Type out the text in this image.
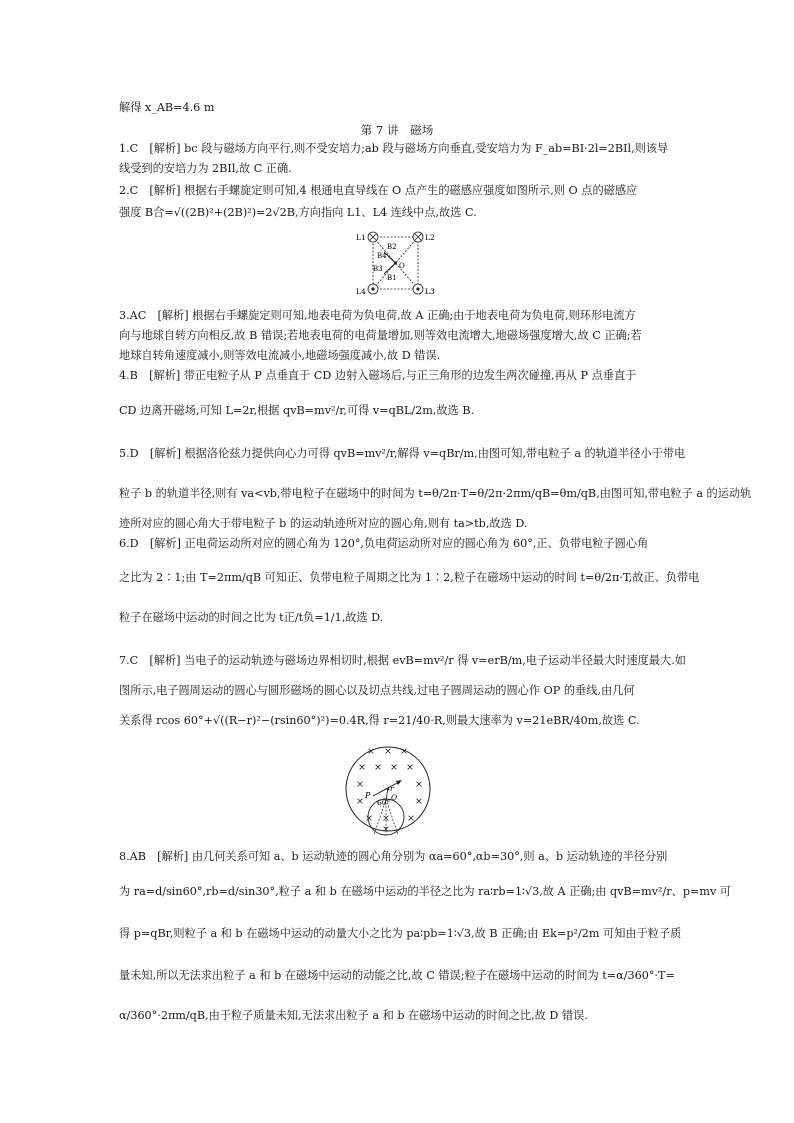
解得 x_AB=4.6 m
第 7 讲　磁场
1.C　[解析] bc 段与磁场方向平行,则不受安培力;ab 段与磁场方向垂直,受安培力为 F_ab=BI·2l=2BIl,则该导
线受到的安培力为 2BIl,故 C 正确.
2.C　[解析] 根据右手螺旋定则可知,4 根通电直导线在 O 点产生的磁感应强度如图所示,则 O 点的磁感应
强度 B合=√((2B)²+(2B)²)=2√2B,方向指向 L1、L4 连线中点,故选 C.
L1	L2
L3
L4
B2
B4
B3
B1
O
3.AC　[解析] 根据右手螺旋定则可知,地表电荷为负电荷,故 A 正确;由于地表电荷为负电荷,则环形电流方
向与地球自转方向相反,故 B 错误;若地表电荷的电荷量增加,则等效电流增大,地磁场强度增大,故 C 正确;若
地球自转角速度减小,则等效电流减小,地磁场强度减小,故 D 错误.
4.B　[解析] 带正电粒子从 P 点垂直于 CD 边射入磁场后,与正三角形的边发生两次碰撞,再从 P 点垂直于
CD 边离开磁场,可知 L=2r,根据 qvB=mv²/r,可得 v=qBL/2m,故选 B.
5.D　[解析] 根据洛伦兹力提供向心力可得 qvB=mv²/r,解得 v=qBr/m,由图可知,带电粒子 a 的轨道半径小于带电
粒子 b 的轨道半径,则有 va<vb,带电粒子在磁场中的时间为 t=θ/2π·T=θ/2π·2πm/qB=θm/qB,由图可知,带电粒子 a 的运动轨
迹所对应的圆心角大于带电粒子 b 的运动轨迹所对应的圆心角,则有 ta>tb,故选 D.
6.D　[解析] 正电荷运动所对应的圆心角为 120°,负电荷运动所对应的圆心角为 60°,正、负带电粒子圆心角
之比为 2∶1;由 T=2πm/qB 可知正、负带电粒子周期之比为 1∶2,粒子在磁场中运动的时间 t=θ/2π·T,故正、负带电
粒子在磁场中运动的时间之比为 t正/t负=1/1,故选 D.
7.C　[解析] 当电子的运动轨迹与磁场边界相切时,根据 evB=mv²/r 得 v=erB/m,电子运动半径最大时速度最大.如
图所示,电子圆周运动的圆心与圆形磁场的圆心以及切点共线,过电子圆周运动的圆心作 OP 的垂线,由几何
关系得 rcos 60°+√((R−r)²−(rsin60°)²)=0.4R,得 r=21/40·R,则最大速率为 v=21eBR/40m,故选 C.
× × ×
× × × ×
×	×
×	×
×	×
×
×
P
r
60°
O
8.AB　[解析] 由几何关系可知 a、b 运动轨迹的圆心角分别为 αa=60°,αb=30°,则 a、b 运动轨迹的半径分别
为 ra=d/sin60°,rb=d/sin30°,粒子 a 和 b 在磁场中运动的半径之比为 ra∶rb=1∶√3,故 A 正确;由 qvB=mv²/r、p=mv 可
得 p=qBr,则粒子 a 和 b 在磁场中运动的动量大小之比为 pa∶pb=1∶√3,故 B 正确;由 Ek=p²/2m 可知由于粒子质
量未知,所以无法求出粒子 a 和 b 在磁场中运动的动能之比,故 C 错误;粒子在磁场中运动的时间为 t=α/360°·T=
α/360°·2πm/qB,由于粒子质量未知,无法求出粒子 a 和 b 在磁场中运动的时间之比,故 D 错误.
